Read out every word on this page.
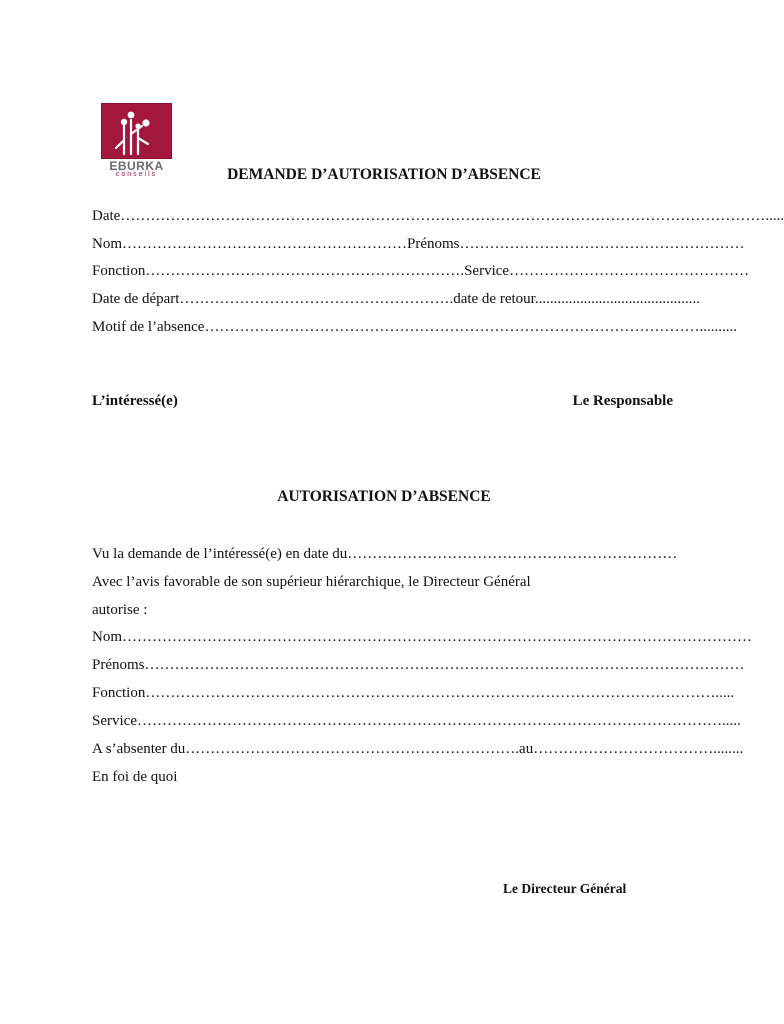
EBURKA
conseils	DEMANDE D’AUTORISATION D’ABSENCE
Date………………………………………………………………………………………………………………….....
Nom…………………………………………………Prénoms…………………………………………………
Fonction……………………………………………………….Service…………………………………………
Date de départ……………………………………………….date de retour............................................
Motif de l’absence………………………………………………………………………………………..........
L’intéressé(e)	Le Responsable
AUTORISATION D’ABSENCE
Vu la demande de l’intéressé(e) en date du…………………………………………………………
Avec l’avis favorable de son supérieur hiérarchique, le Directeur Général
autorise :
Nom………………………………………………………………………………………………………………
Prénoms…………………………………………………………………………………………………………
Fonction…………………………………………………………………………………………………….....
Service……………………………………………………………………………………………………….....
A s’absenter du………………………………………………………….au………………………………........
En foi de quoi
Le Directeur Général
